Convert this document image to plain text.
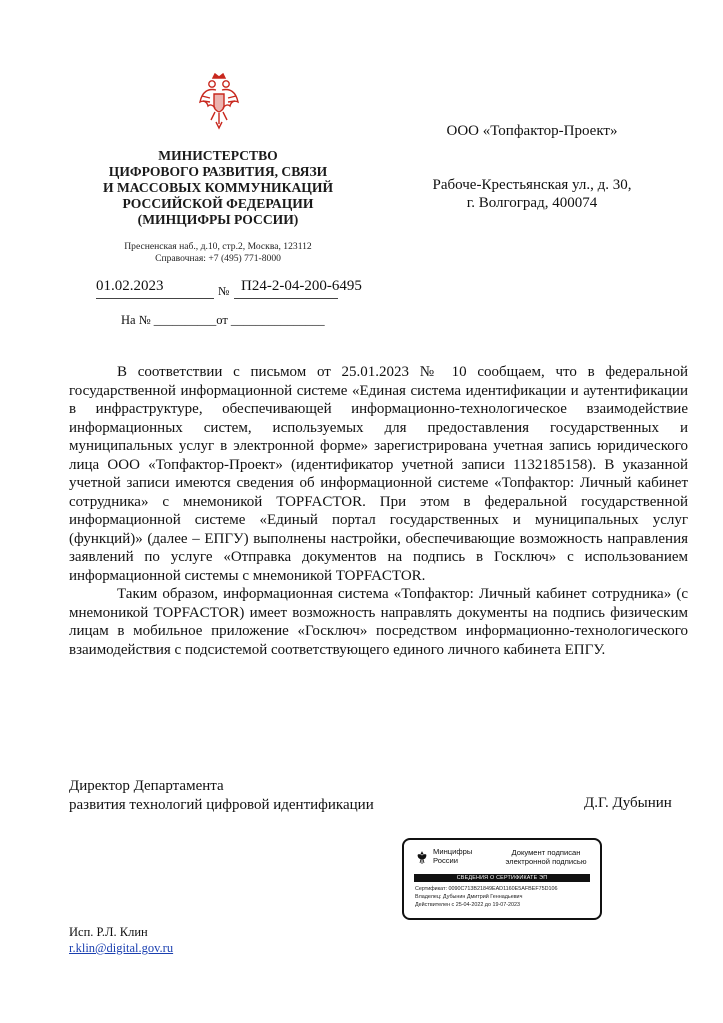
МИНИСТЕРСТВО
ЦИФРОВОГО РАЗВИТИЯ, СВЯЗИ
И МАССОВЫХ КОММУНИКАЦИЙ
РОССИЙСКОЙ ФЕДЕРАЦИИ
(МИНЦИФРЫ РОССИИ)
Пресненская наб., д.10, стр.2, Москва, 123112
Справочная: +7 (495) 771-8000
01.02.2023	№ П24-2-04-200-6495
На № __________от _______________
ООО «Топфактор-Проект»
Рабоче-Крестьянская ул., д. 30,
г. Волгоград, 400074

В соответствии с письмом от 25.01.2023 № 10 сообщаем, что в федеральной государственной информационной системе «Единая система идентификации и аутентификации в инфраструктуре, обеспечивающей информационно-технологическое взаимодействие информационных систем, используемых для предоставления государственных и муниципальных услуг в электронной форме» зарегистрирована учетная запись юридического лица ООО «Топфактор-Проект» (идентификатор учетной записи 1132185158). В указанной учетной записи имеются сведения об информационной системе «Топфактор: Личный кабинет сотрудника» с мнемоникой TOPFACTOR. При этом в федеральной государственной информационной системе «Единый портал государственных и муниципальных услуг (функций)» (далее – ЕПГУ) выполнены настройки, обеспечивающие возможность направления заявлений по услуге «Отправка документов на подпись в Госключ» с использованием информационной системы с мнемоникой TOPFACTOR.

Таким образом, информационная система «Топфактор: Личный кабинет сотрудника» (с мнемоникой TOPFACTOR) имеет возможность направлять документы на подпись физическим лицам в мобильное приложение «Госключ» посредством информационно-технологического взаимодействия с подсистемой соответствующего единого личного кабинета ЕПГУ.

Директор Департамента
развития технологий цифровой идентификации	Д.Г. Дубынин
Минцифры
России
Документ подписан
электронной подписью
СВЕДЕНИЯ О СЕРТИФИКАТЕ ЭП
Сертификат: 0090C713B21849EAD1160E5AFBEF75D106
Владелец: Дубынин Дмитрий Геннадьевич
Действителен с 25-04-2022 до 19-07-2023
Исп. Р.Л. Клин
r.klin@digital.gov.ru
